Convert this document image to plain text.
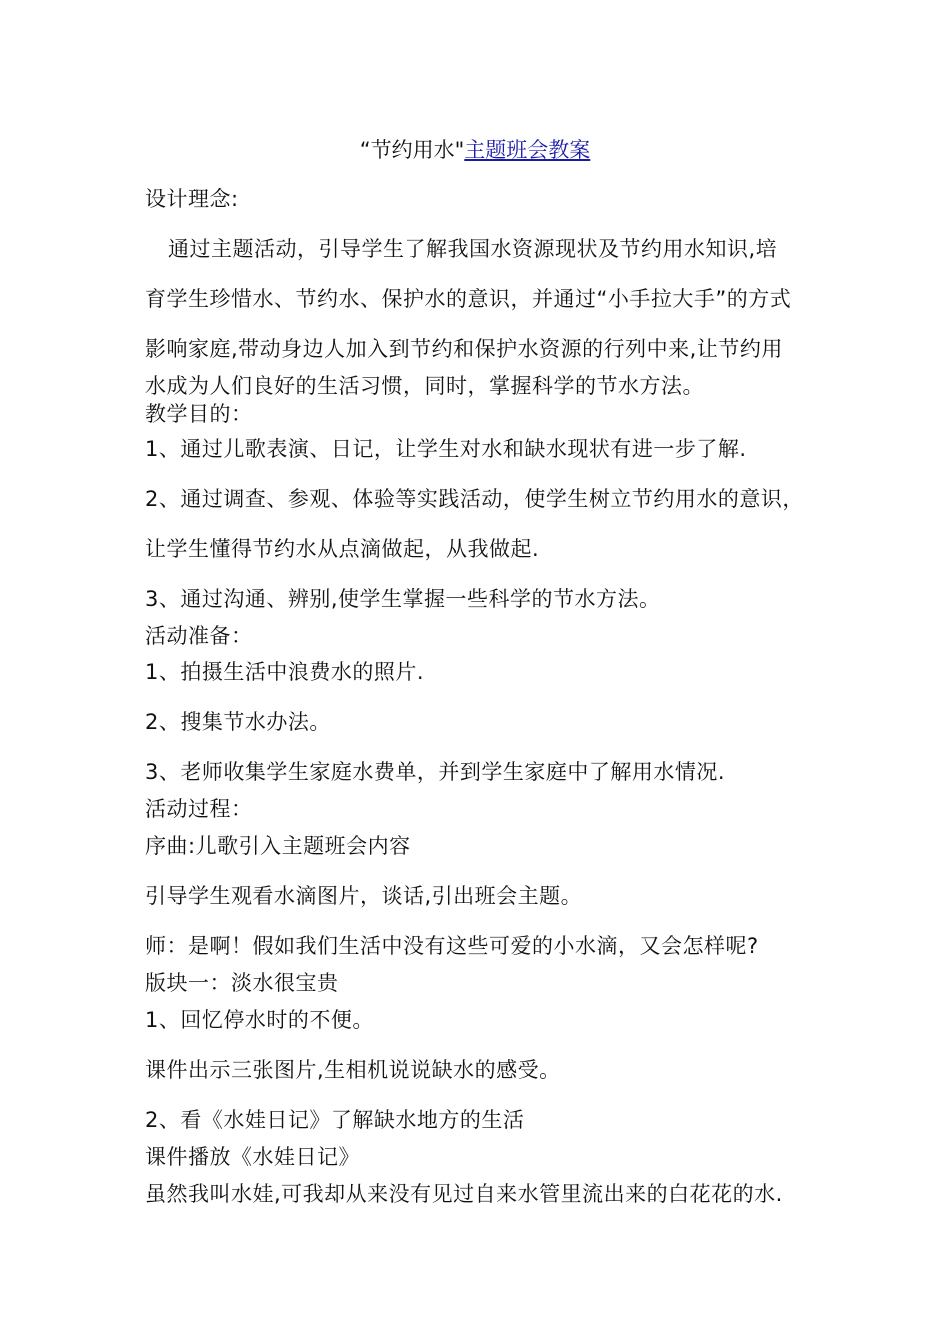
“节约用水"主题班会教案
设计理念:
通过主题活动，引导学生了解我国水资源现状及节约用水知识,培
育学生珍惜水、节约水、保护水的意识，并通过“小手拉大手”的方式
影响家庭,带动身边人加入到节约和保护水资源的行列中来,让节约用
水成为人们良好的生活习惯，同时，掌握科学的节水方法。
教学目的：
1、通过儿歌表演、日记，让学生对水和缺水现状有进一步了解.
2、通过调查、参观、体验等实践活动，使学生树立节约用水的意识，
让学生懂得节约水从点滴做起，从我做起.
3、通过沟通、辨别,使学生掌握一些科学的节水方法。
活动准备：
1、拍摄生活中浪费水的照片.
2、搜集节水办法。
3、老师收集学生家庭水费单，并到学生家庭中了解用水情况.
活动过程：
序曲:儿歌引入主题班会内容
引导学生观看水滴图片，谈话,引出班会主题。
师：是啊！假如我们生活中没有这些可爱的小水滴，又会怎样呢?
版块一：淡水很宝贵
1、回忆停水时的不便。
课件出示三张图片,生相机说说缺水的感受。
2、看《水娃日记》了解缺水地方的生活
课件播放《水娃日记》
虽然我叫水娃,可我却从来没有见过自来水管里流出来的白花花的水.
